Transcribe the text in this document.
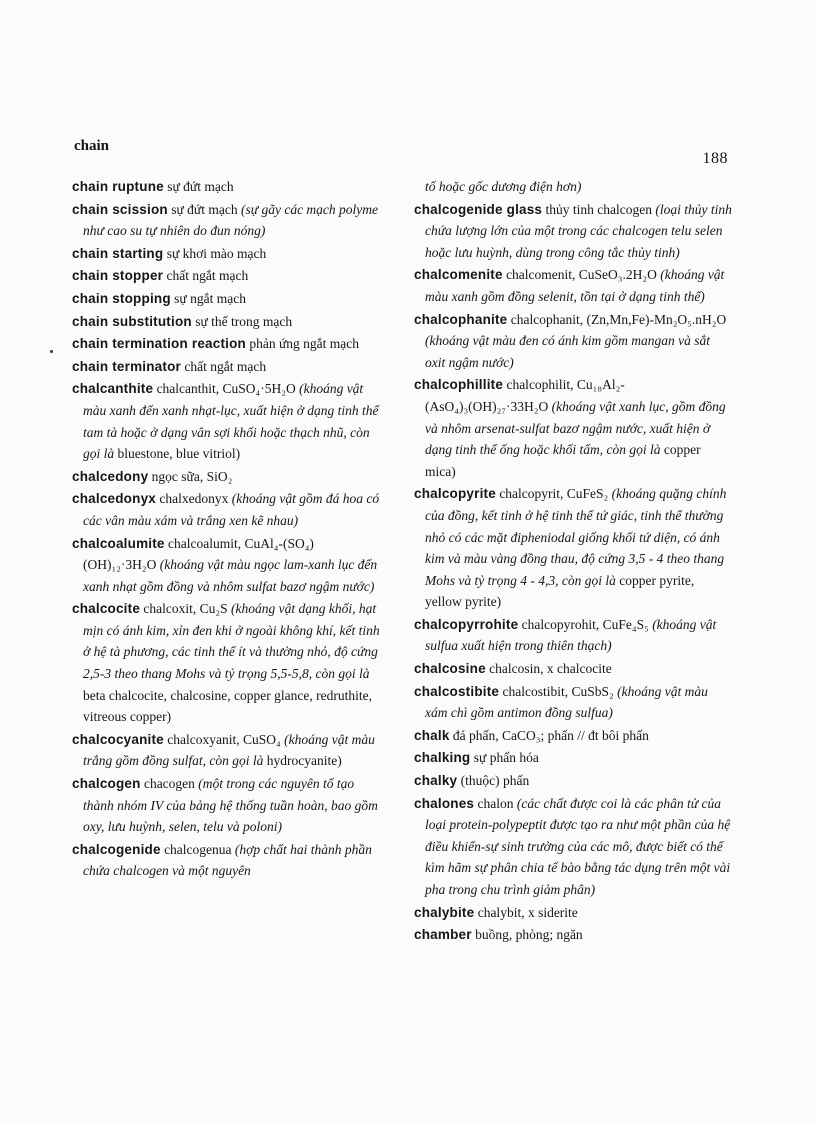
chain
188
chain ruptune sự đứt mạch
chain scission sự đứt mạch (sự gãy các mạch polyme như cao su tự nhiên do đun nóng)
chain starting sự khơi mào mạch
chain stopper chất ngắt mạch
chain stopping sự ngắt mạch
chain substitution sự thế trong mạch
chain termination reaction phản ứng ngắt mạch
chain terminator chất ngắt mạch
chalcanthite chalcanthit, CuSO₄·5H₂O (khoáng vật màu xanh đến xanh nhạt-lục, xuất hiện ở dạng tinh thể tam tà hoặc ở dạng vân sợi khối hoặc thạch nhũ, còn gọi là bluestone, blue vitriol)
chalcedony ngọc sữa, SiO₂
chalcedonyx chalxedonyx (khoáng vật gồm đá hoa có các vân màu xám và trắng xen kẽ nhau)
chalcoalumite chalcoalumit, CuAl₄-(SO₄)(OH)₁₂·3H₂O (khoáng vật màu ngọc lam-xanh lục đến xanh nhạt gồm đồng và nhôm sulfat bazơ ngậm nước)
chalcocite chalcoxit, Cu₂S (khoáng vật dạng khối, hạt mịn có ánh kim, xỉn đen khi ở ngoài không khí, kết tinh ở hệ tà phương, các tinh thể ít và thường nhỏ, độ cứng 2,5-3 theo thang Mohs và tỷ trọng 5,5-5,8, còn gọi là beta chalcocite, chalcosine, copper glance, redruthite, vitreous copper)
chalcocyanite chalcoxyanit, CuSO₄ (khoáng vật màu trắng gồm đồng sulfat, còn gọi là hydrocyanite)
chalcogen chacogen (một trong các nguyên tố tạo thành nhóm IV của bảng hệ thống tuần hoàn, bao gồm oxy, lưu huỳnh, selen, telu và poloni)
chalcogenide chalcogenua (hợp chất hai thành phần chứa chalcogen và một nguyên
tố hoặc gốc dương điện hơn)
chalcogenide glass thủy tinh chalcogen (loại thủy tinh chứa lượng lớn của một trong các chalcogen telu selen hoặc lưu huỳnh, dùng trong công tắc thủy tinh)
chalcomenite chalcomenit, CuSeO₃.2H₂O (khoáng vật màu xanh gồm đồng selenit, tồn tại ở dạng tinh thể)
chalcophanite chalcophanit, (Zn,Mn,Fe)-Mn₂O₅.nH₂O (khoáng vật màu đen có ánh kim gồm mangan và sắt oxit ngậm nước)
chalcophillite chalcophilit, Cu₁₈Al₂-(AsO₄)₃(OH)₂₇·33H₂O (khoáng vật xanh lục, gồm đồng và nhôm arsenat-sulfat bazơ ngậm nước, xuất hiện ở dạng tinh thể ống hoặc khối tấm, còn gọi là copper mica)
chalcopyrite chalcopyrit, CuFeS₂ (khoáng quặng chính của đồng, kết tinh ở hệ tinh thể tứ giác, tinh thể thường nhỏ có các mặt đipheniodal giống khối tứ diện, có ánh kim và màu vàng đồng thau, độ cứng 3,5 - 4 theo thang Mohs và tỷ trọng 4 - 4,3, còn gọi là copper pyrite, yellow pyrite)
chalcopyrrohite chalcopyrohit, CuFe₄S₅ (khoáng vật sulfua xuất hiện trong thiên thạch)
chalcosine chalcosin, x chalcocite
chalcostibite chalcostibit, CuSbS₂ (khoáng vật màu xám chì gồm antimon đồng sulfua)
chalk đá phấn, CaCO₃; phấn // đt bôi phấn
chalking sự phấn hóa
chalky (thuộc) phấn
chalones chalon (các chất được coi là các phân tử của loại protein-polypeptit được tạo ra như một phần của hệ điều khiển-sự sinh trưởng của các mô, được biết có thể kìm hãm sự phân chia tế bào bằng tác dụng trên một vài pha trong chu trình giảm phân)
chalybite chalybit, x siderite
chamber buồng, phòng; ngăn
